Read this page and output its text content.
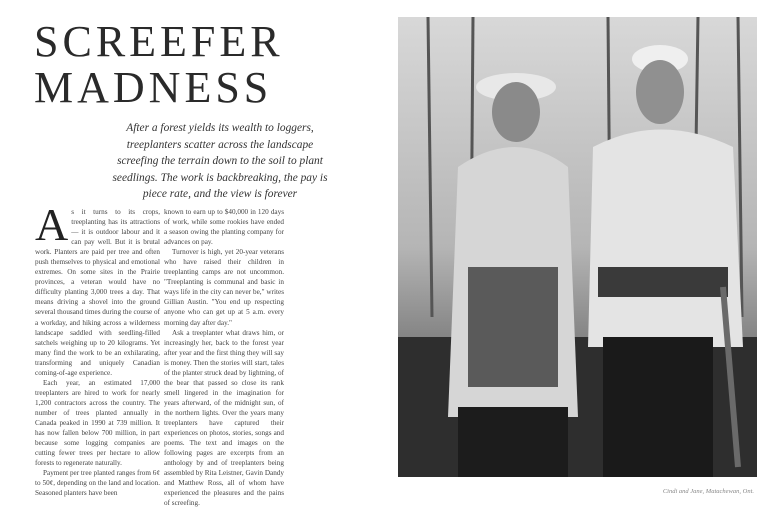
SCREEFER
MADNESS
After a forest yields its wealth to loggers, treeplanters scatter across the landscape screefing the terrain down to the soil to plant seedlings. The work is backbreaking, the pay is piece rate, and the view is forever

As it turns to its crops, treeplanting has its attractions — it is outdoor labour and it can pay well. But it is brutal work. Planters are paid per tree and often push themselves to physical and emotional extremes. On some sites in the Prairie provinces, a veteran would have no difficulty planting 3,000 trees a day. That means driving a shovel into the ground several thousand times during the course of a workday, and hiking across a wilderness landscape saddled with seedling-filled satchels weighing up to 20 kilograms. Yet many find the work to be an exhilarating, transforming and uniquely Canadian coming-of-age experience.

Each year, an estimated 17,000 treeplanters are hired to work for nearly 1,200 contractors across the country. The number of trees planted annually in Canada peaked in 1990 at 739 million. It has now fallen below 700 million, in part because some logging companies are cutting fewer trees per hectare to allow forests to regenerate naturally.

Payment per tree planted ranges from 6¢ to 50¢, depending on the land and location. Seasoned planters have been

known to earn up to $40,000 in 120 days of work, while some rookies have ended a season owing the planting company for advances on pay.

Turnover is high, yet 20-year veterans who have raised their children in treeplanting camps are not uncommon. "Treeplanting is communal and basic in ways life in the city can never be," writes Gillian Austin. "You end up respecting anyone who can get up at 5 a.m. every morning day after day."

Ask a treeplanter what draws him, or increasingly her, back to the forest year after year and the first thing they will say is money. Then the stories will start, tales of the planter struck dead by lightning, of the bear that passed so close its rank smell lingered in the imagination for years afterward, of the midnight sun, of the northern lights. Over the years many treeplanters have captured their experiences on photos, stories, songs and poems. The text and images on the following pages are excerpts from an anthology by and of treeplanters being assembled by Rita Leistner, Gavin Dandy and Matthew Ross, all of whom have experienced the pleasures and the pains of screefing.

Cindi and Jane, Matachewan, Ont.
